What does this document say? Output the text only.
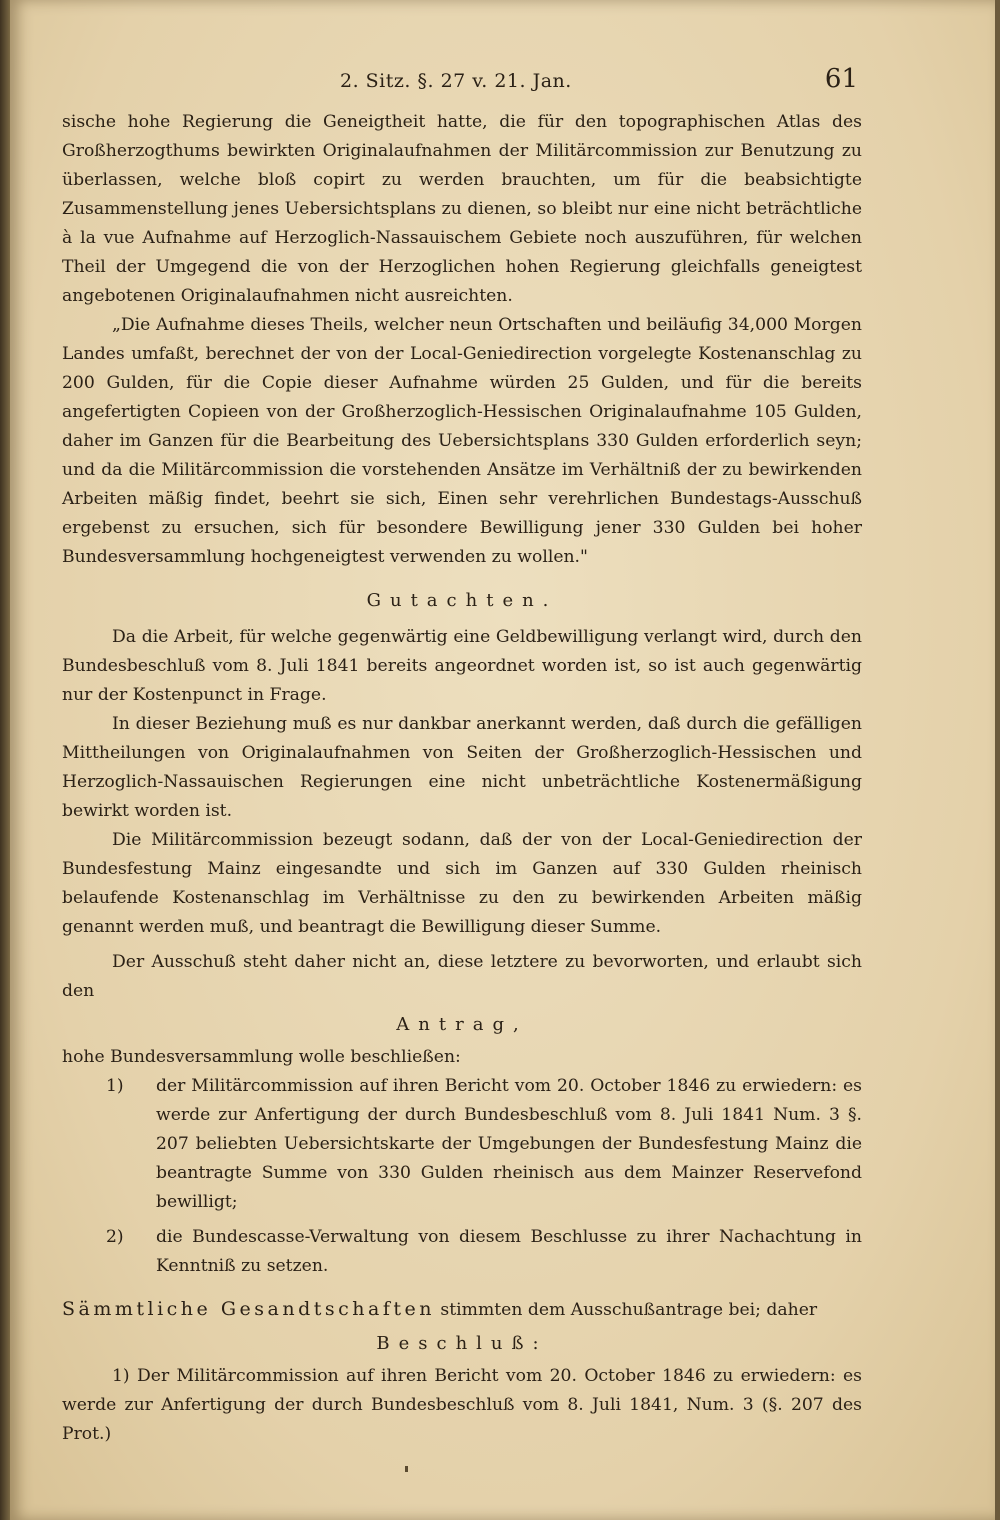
2. Sitz. §. 27 v. 21. Jan.	61

sische hohe Regierung die Geneigtheit hatte, die für den topographischen Atlas des Großherzogthums bewirkten Originalaufnahmen der Militärcommission zur Benutzung zu überlassen, welche bloß copirt zu werden brauchten, um für die beabsichtigte Zusammenstellung jenes Uebersichtsplans zu dienen, so bleibt nur eine nicht beträchtliche à la vue Aufnahme auf Herzoglich-Nassauischem Gebiete noch auszuführen, für welchen Theil der Umgegend die von der Herzoglichen hohen Regierung gleichfalls geneigtest angebotenen Originalaufnahmen nicht ausreichten.

„Die Aufnahme dieses Theils, welcher neun Ortschaften und beiläufig 34,000 Morgen Landes umfaßt, berechnet der von der Local-Geniedirection vorgelegte Kostenanschlag zu 200 Gulden, für die Copie dieser Aufnahme würden 25 Gulden, und für die bereits angefertigten Copieen von der Großherzoglich-Hessischen Originalaufnahme 105 Gulden, daher im Ganzen für die Bearbeitung des Uebersichtsplans 330 Gulden erforderlich seyn; und da die Militärcommission die vorstehenden Ansätze im Verhältniß der zu bewirkenden Arbeiten mäßig findet, beehrt sie sich, Einen sehr verehrlichen Bundestags-Ausschuß ergebenst zu ersuchen, sich für besondere Bewilligung jener 330 Gulden bei hoher Bundesversammlung hochgeneigtest verwenden zu wollen."

Gutachten.

Da die Arbeit, für welche gegenwärtig eine Geldbewilligung verlangt wird, durch den Bundesbeschluß vom 8. Juli 1841 bereits angeordnet worden ist, so ist auch gegenwärtig nur der Kostenpunct in Frage.

In dieser Beziehung muß es nur dankbar anerkannt werden, daß durch die gefälligen Mittheilungen von Originalaufnahmen von Seiten der Großherzoglich-Hessischen und Herzoglich-Nassauischen Regierungen eine nicht unbeträchtliche Kostenermäßigung bewirkt worden ist.

Die Militärcommission bezeugt sodann, daß der von der Local-Geniedirection der Bundesfestung Mainz eingesandte und sich im Ganzen auf 330 Gulden rheinisch belaufende Kostenanschlag im Verhältnisse zu den zu bewirkenden Arbeiten mäßig genannt werden muß, und beantragt die Bewilligung dieser Summe.

Der Ausschuß steht daher nicht an, diese letztere zu bevorworten, und erlaubt sich den

Antrag,

hohe Bundesversammlung wolle beschließen:

1)	der Militärcommission auf ihren Bericht vom 20. October 1846 zu erwiedern: es werde zur Anfertigung der durch Bundesbeschluß vom 8. Juli 1841 Num. 3 §. 207 beliebten Uebersichtskarte der Umgebungen der Bundesfestung Mainz die beantragte Summe von 330 Gulden rheinisch aus dem Mainzer Reservefond bewilligt;
2)	die Bundescasse-Verwaltung von diesem Beschlusse zu ihrer Nachachtung in Kenntniß zu setzen.

Sämmtliche Gesandtschaften stimmten dem Ausschußantrage bei; daher

Beschluß:

1) Der Militärcommission auf ihren Bericht vom 20. October 1846 zu erwiedern: es werde zur Anfertigung der durch Bundesbeschluß vom 8. Juli 1841, Num. 3 (§. 207 des Prot.)
